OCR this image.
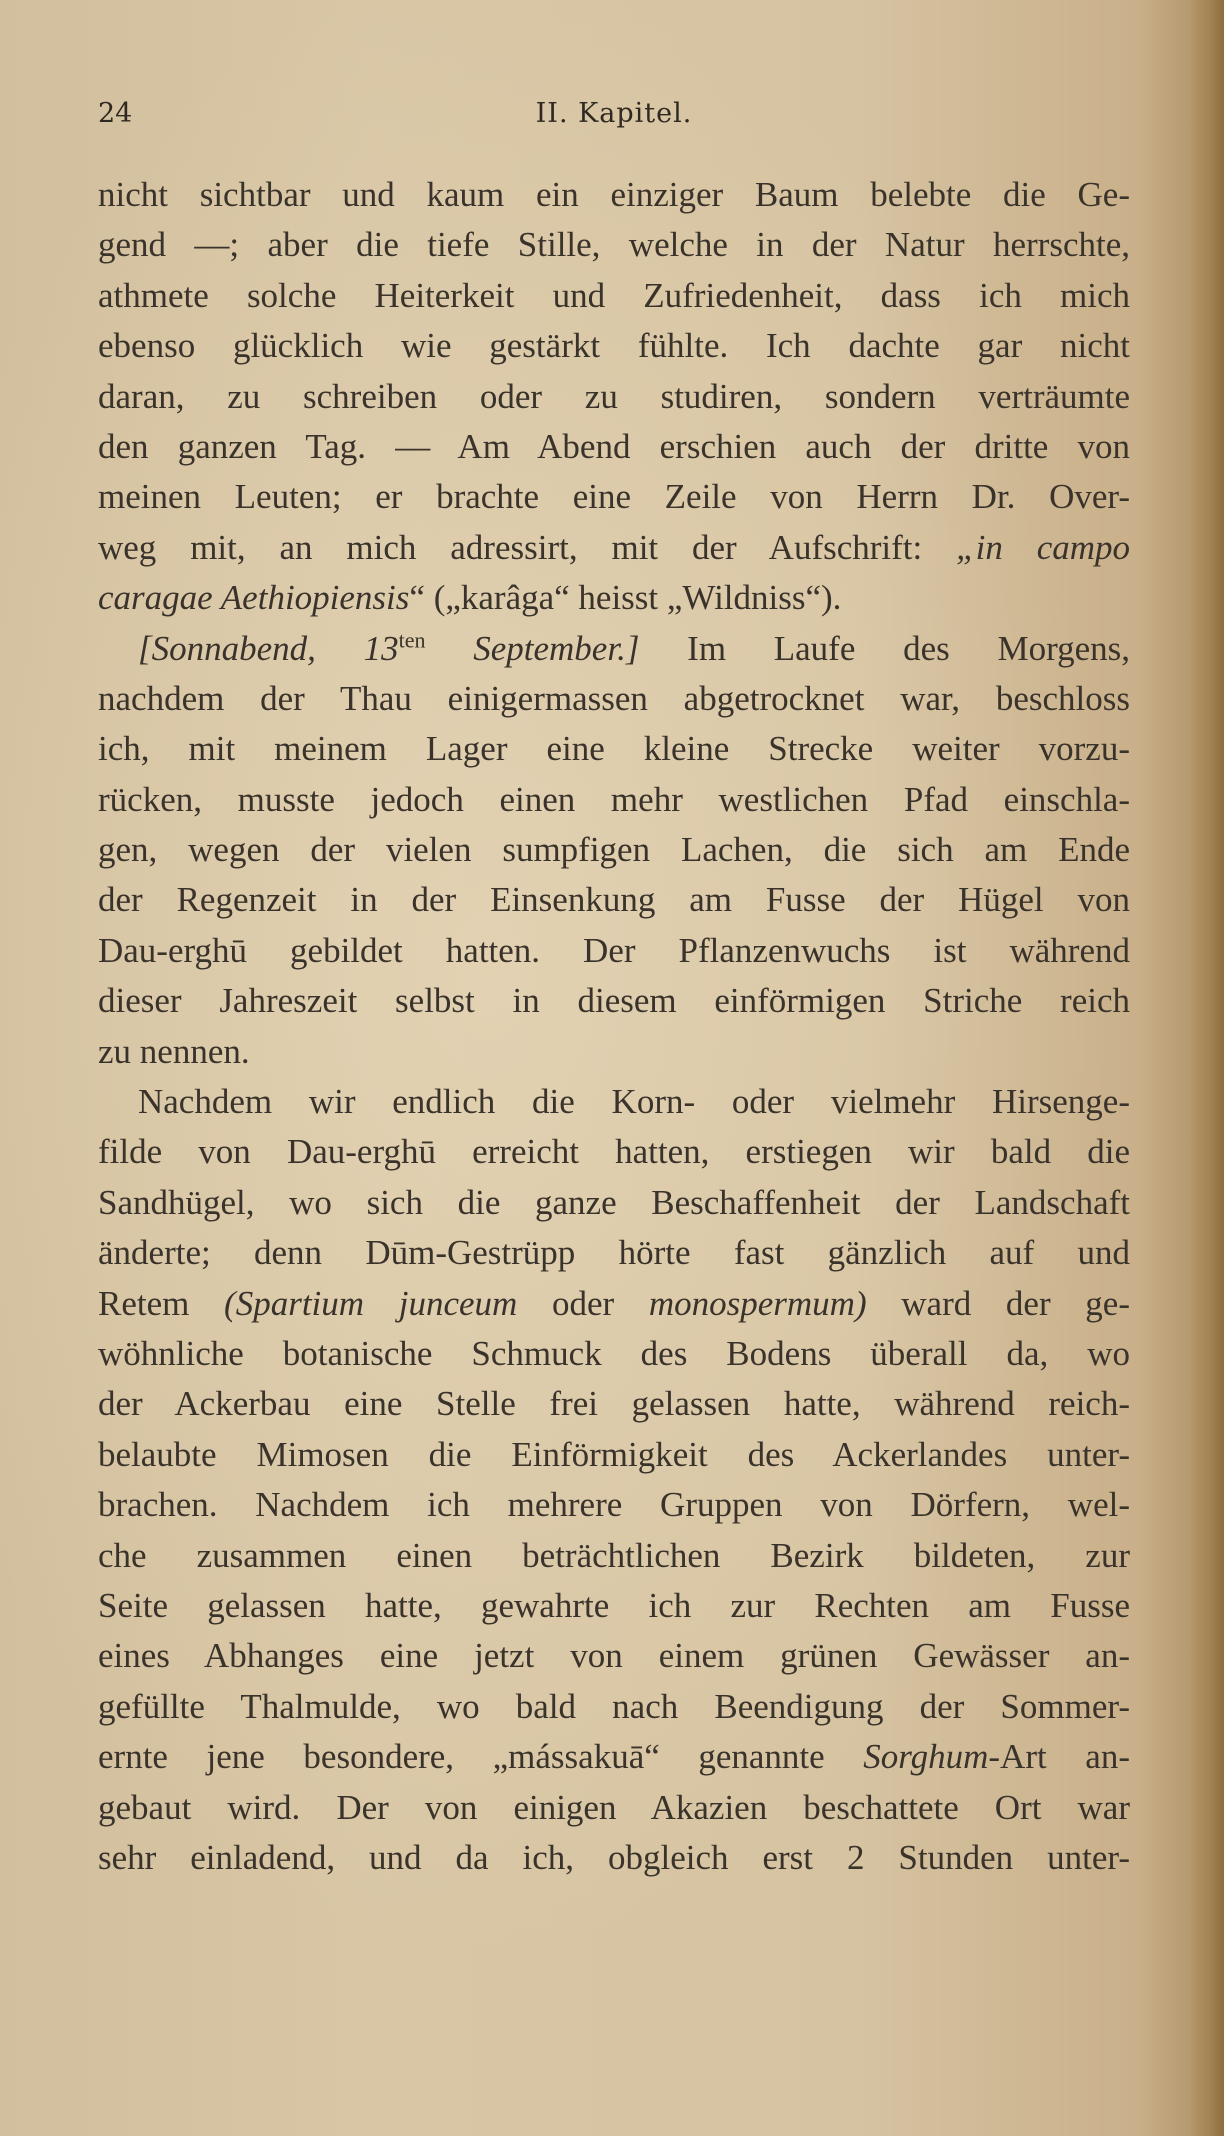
24	II. Kapitel.
nicht sichtbar und kaum ein einziger Baum belebte die Ge-
gend —; aber die tiefe Stille, welche in der Natur herrschte,
athmete solche Heiterkeit und Zufriedenheit, dass ich mich
ebenso glücklich wie gestärkt fühlte. Ich dachte gar nicht
daran, zu schreiben oder zu studiren, sondern verträumte
den ganzen Tag. — Am Abend erschien auch der dritte von
meinen Leuten; er brachte eine Zeile von Herrn Dr. Over-
weg mit, an mich adressirt, mit der Aufschrift: „in campo
caragae Aethiopiensis“ („karâga“ heisst „Wildniss“).
[Sonnabend, $13^{ten}$ September.] Im Laufe des Morgens,
nachdem der Thau einigermassen abgetrocknet war, beschloss
ich, mit meinem Lager eine kleine Strecke weiter vorzu-
rücken, musste jedoch einen mehr westlichen Pfad einschla-
gen, wegen der vielen sumpfigen Lachen, die sich am Ende
der Regenzeit in der Einsenkung am Fusse der Hügel von
Dau-erghū gebildet hatten. Der Pflanzenwuchs ist während
dieser Jahreszeit selbst in diesem einförmigen Striche reich
zu nennen.
Nachdem wir endlich die Korn- oder vielmehr Hirsenge-
filde von Dau-erghū erreicht hatten, erstiegen wir bald die
Sandhügel, wo sich die ganze Beschaffenheit der Landschaft
änderte; denn Dūm-Gestrüpp hörte fast gänzlich auf und
Retem (Spartium junceum oder monospermum) ward der ge-
wöhnliche botanische Schmuck des Bodens überall da, wo
der Ackerbau eine Stelle frei gelassen hatte, während reich-
belaubte Mimosen die Einförmigkeit des Ackerlandes unter-
brachen. Nachdem ich mehrere Gruppen von Dörfern, wel-
che zusammen einen beträchtlichen Bezirk bildeten, zur
Seite gelassen hatte, gewahrte ich zur Rechten am Fusse
eines Abhanges eine jetzt von einem grünen Gewässer an-
gefüllte Thalmulde, wo bald nach Beendigung der Sommer-
ernte jene besondere, „mássakuā“ genannte Sorghum-Art an-
gebaut wird. Der von einigen Akazien beschattete Ort war
sehr einladend, und da ich, obgleich erst 2 Stunden unter-
